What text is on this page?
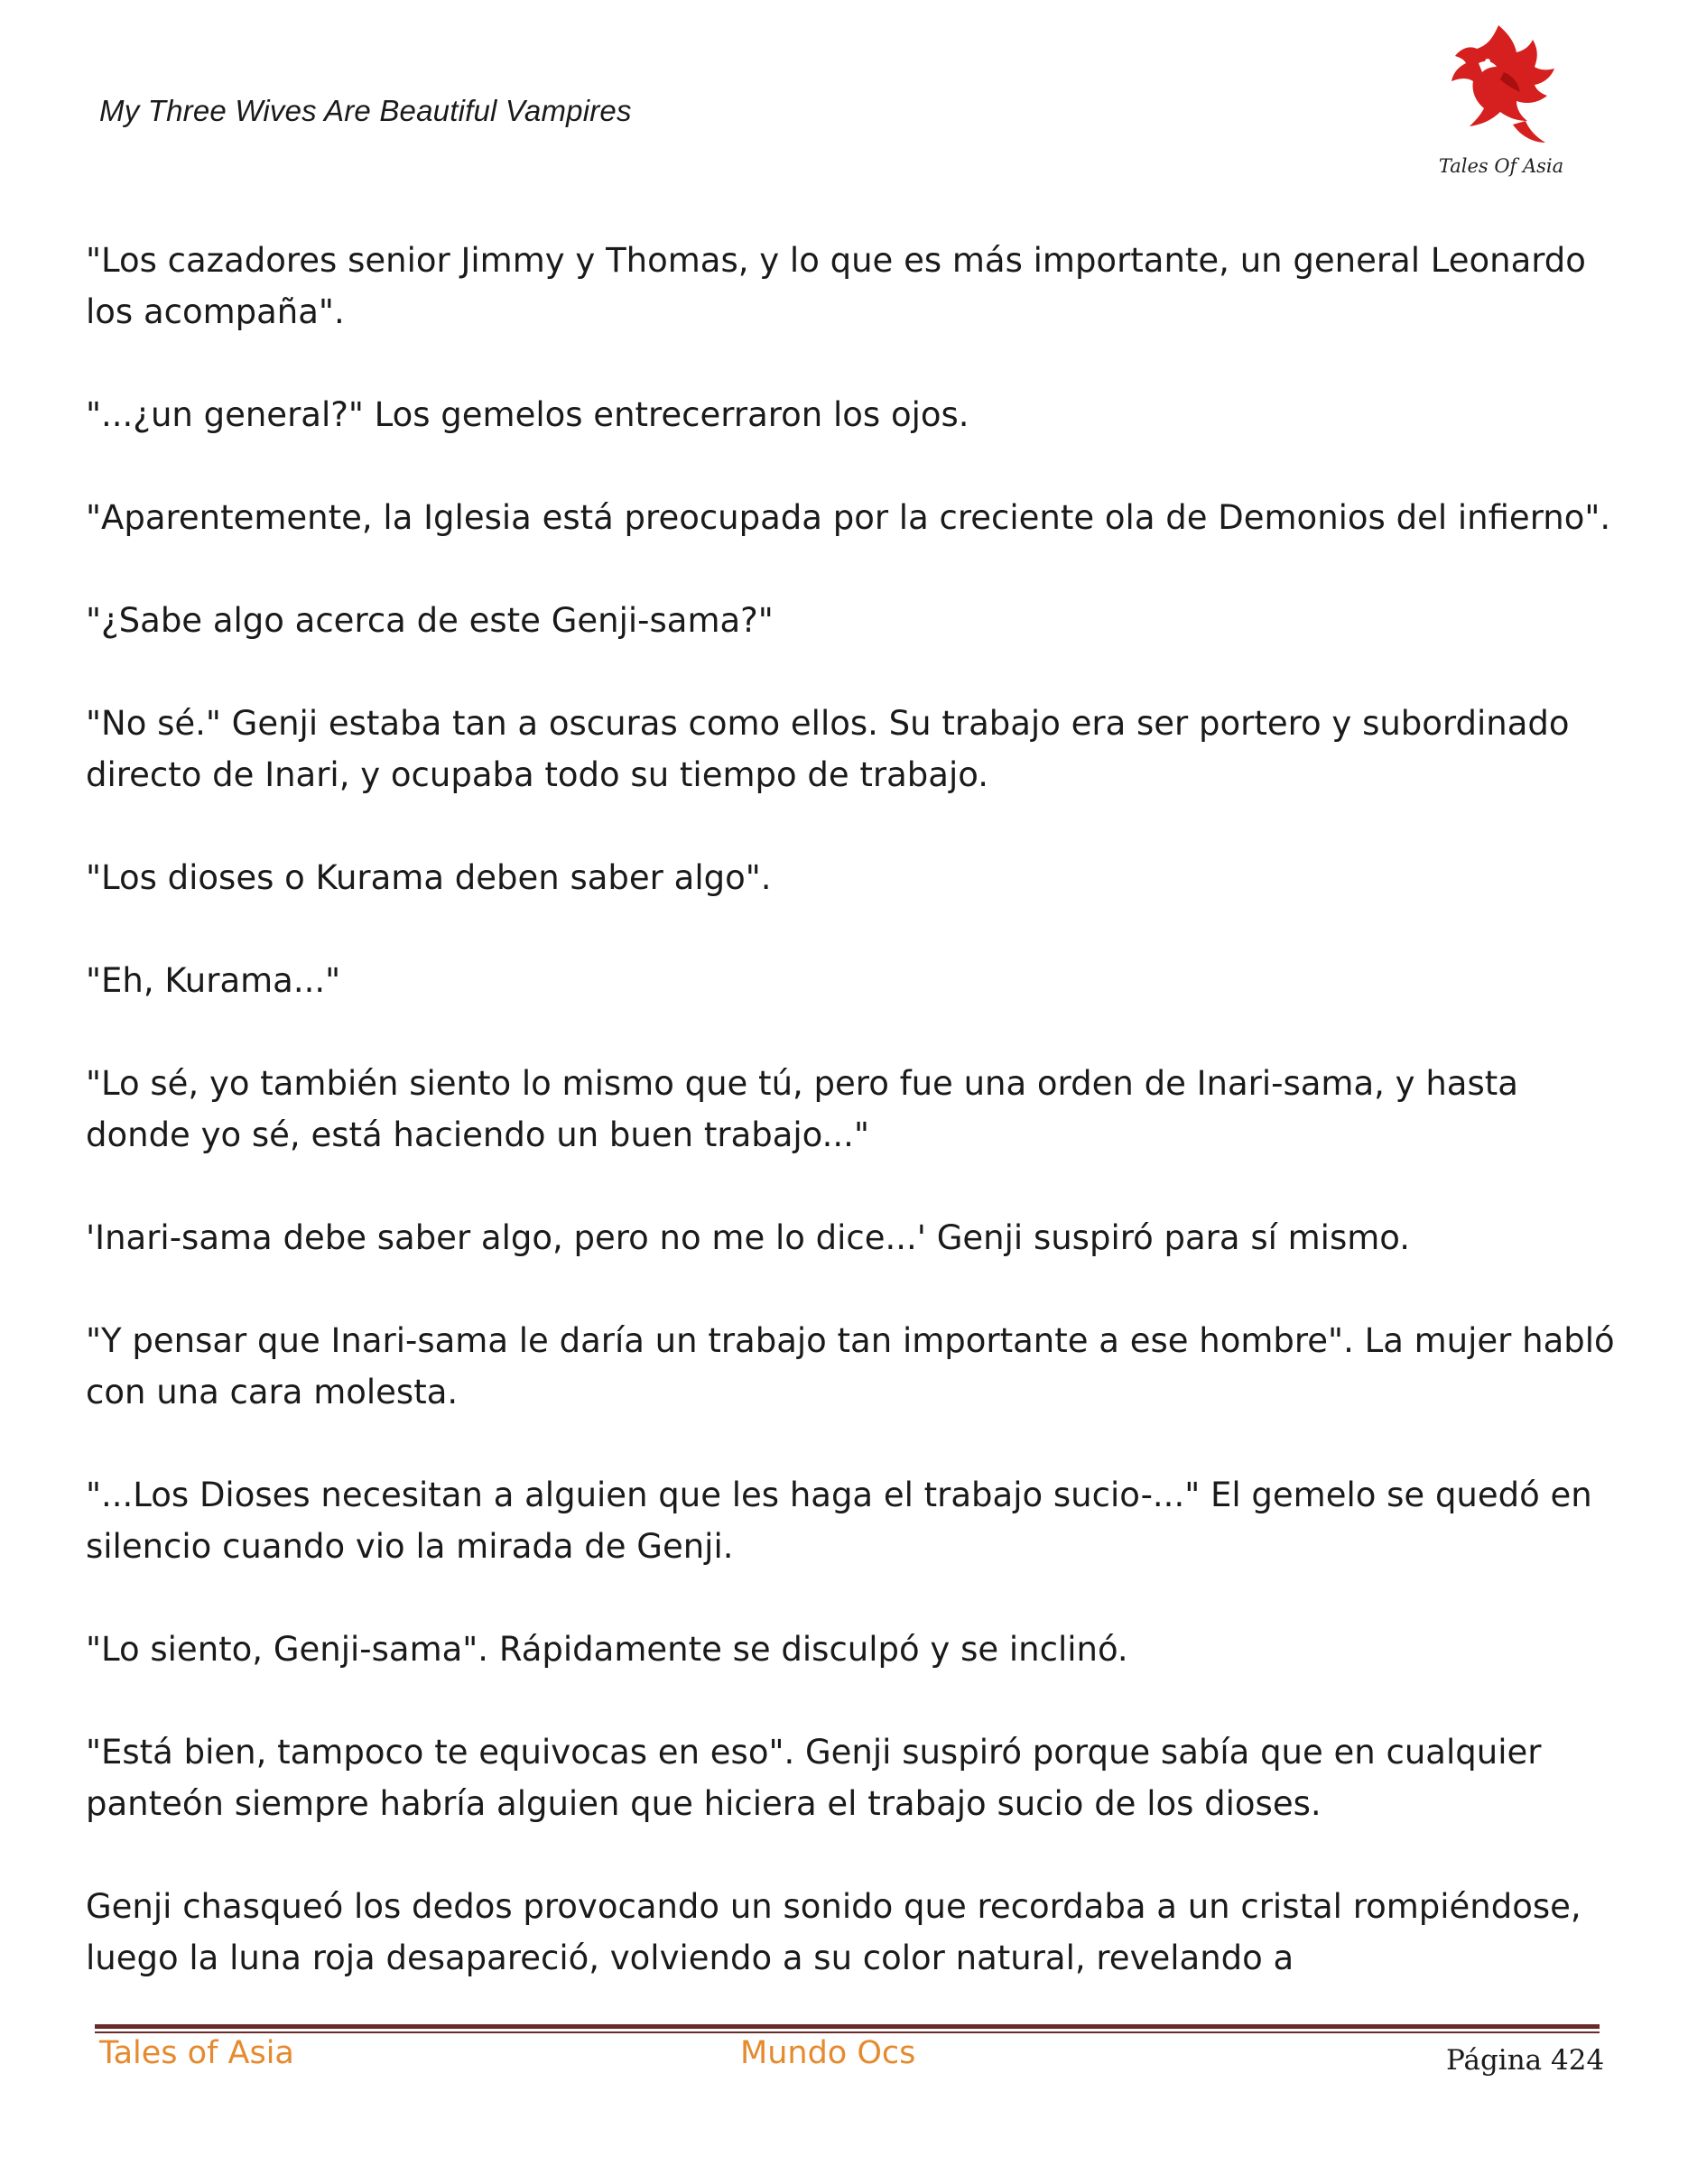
My Three Wives Are Beautiful Vampires
Tales Of Asia

"Los cazadores senior Jimmy y Thomas, y lo que es más importante, un general Leonardo los acompaña".

"...¿un general?" Los gemelos entrecerraron los ojos.

"Aparentemente, la Iglesia está preocupada por la creciente ola de Demonios del infierno".

"¿Sabe algo acerca de este Genji-sama?"

"No sé." Genji estaba tan a oscuras como ellos. Su trabajo era ser portero y subordinado directo de Inari, y ocupaba todo su tiempo de trabajo.

"Los dioses o Kurama deben saber algo".

"Eh, Kurama..."

"Lo sé, yo también siento lo mismo que tú, pero fue una orden de Inari-sama, y hasta donde yo sé, está haciendo un buen trabajo..."

'Inari-sama debe saber algo, pero no me lo dice...' Genji suspiró para sí mismo.

"Y pensar que Inari-sama le daría un trabajo tan importante a ese hombre". La mujer habló con una cara molesta.

"...Los Dioses necesitan a alguien que les haga el trabajo sucio-..." El gemelo se quedó en silencio cuando vio la mirada de Genji.

"Lo siento, Genji-sama". Rápidamente se disculpó y se inclinó.

"Está bien, tampoco te equivocas en eso". Genji suspiró porque sabía que en cualquier panteón siempre habría alguien que hiciera el trabajo sucio de los dioses.

Genji chasqueó los dedos provocando un sonido que recordaba a un cristal rompiéndose, luego la luna roja desapareció, volviendo a su color natural, revelando a

Tales of Asia	Mundo Ocs	Página 424
